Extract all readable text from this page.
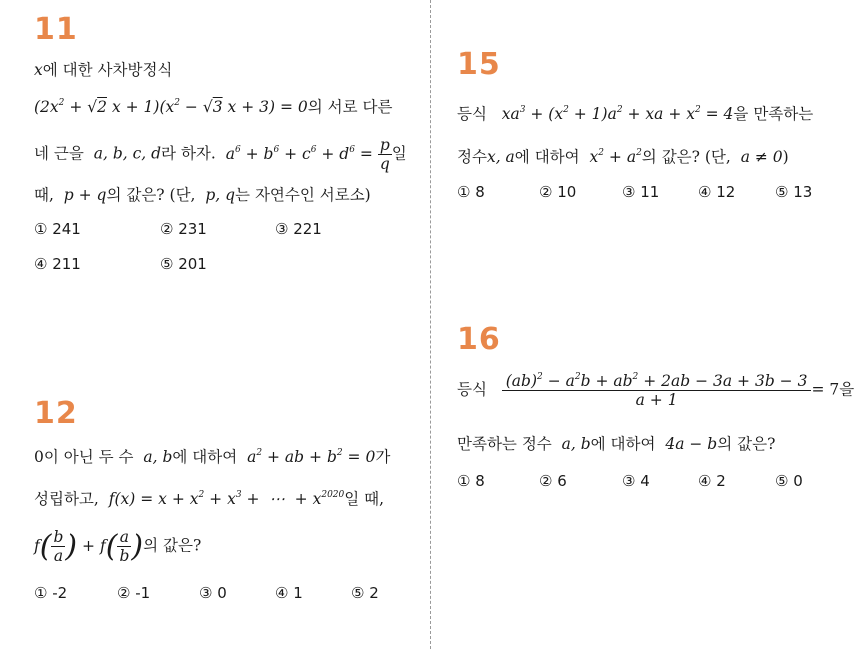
11
x에 대한 사차방정식
($2x^2 + √2$ $x + 1)(x^2 - √3$ x + 3) = 0의 서로 다른
네 근을 a, b, c, d라 하자. $a^6 + b^6 + c^6 + d^6 = \frac{p}{q}$ 일
때, p + q의 값은? (단, p, q는 자연수인 서로소)
① 241	② 231	③ 221
④ 211	⑤ 201
12
0이 아닌 두 수 a, b에 대하여 $a^2$ + ab + $b^2 = 0$가
성립하고, $f(x) = x + x^2 + x^3$ +  ⋯  + $x^{2020}$일 때,
$f( \frac{b}{a}$ ) + $f( \frac{a}{b}$ )의 값은?
① -2	② -1	③ 0	④ 1	⑤ 2
15
등식 $xa^3 + (x^2 + 1)a^2$ + xa + $x^2 = 4$을 만족하는
정수x, a에 대하여 $x^2 + a^2$의 값은? (단, a ≠ 0)
① 8	② 10	③ 11	④ 12	⑤ 13
16
등식 $\frac{(ab)^2 - a^2b + ab^2 + 2ab - 3a + 3b - 3}{a + 1} = 7$을
만족하는 정수 a, b에 대하여 4a − b의 값은?
① 8	② 6	③ 4	④ 2	⑤ 0
